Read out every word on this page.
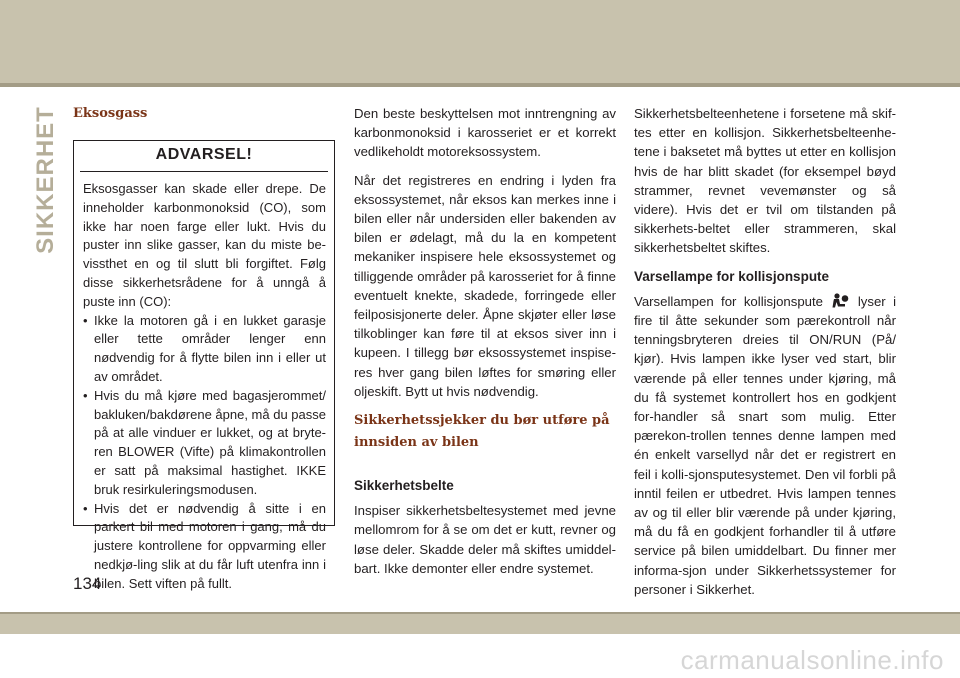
SIKKERHET Eksosgass
ADVARSEL!

Eksosgasser kan skade eller drepe. De inneholder karbonmonoksid (CO), som ikke har noen farge eller lukt. Hvis du puster inn slike gasser, kan du miste be-vissthet en og til slutt bli forgiftet. Følg disse sikkerhetsrådene for å unngå å puste inn (CO):

• Ikke la motoren gå i en lukket garasje eller tette områder lenger enn nødvendig for å flytte bilen inn i eller ut av området.
• Hvis du må kjøre med bagasjerommet/ bakluken/bakdørene åpne, må du passe på at alle vinduer er lukket, og at bryte-ren BLOWER (Vifte) på klimakontrollen er satt på maksimal hastighet. IKKE bruk resirkuleringsmodusen.
• Hvis det er nødvendig å sitte i en parkert bil med motoren i gang, må du justere kontrollene for oppvarming eller nedkjø-ling slik at du får luft utenfra inn i bilen. Sett viften på fullt.

Den beste beskyttelsen mot inntrengning av karbonmonoksid i karosseriet er et korrekt vedlikeholdt motoreksossystem.

Når det registreres en endring i lyden fra eksossystemet, når eksos kan merkes inne i bilen eller når undersiden eller bakenden av bilen er ødelagt, må du la en kompetent mekaniker inspisere hele eksossystemet og tilliggende områder på karosseriet for å finne eventuelt knekte, skadede, forringede eller feilposisjonerte deler. Åpne skjøter eller løse tilkoblinger kan føre til at eksos siver inn i kupeen. I tillegg bør eksossystemet inspise-res hver gang bilen løftes for smøring eller oljeskift. Bytt ut hvis nødvendig.

Sikkerhetssjekker du bør utføre på innsiden av bilen
Sikkerhetsbelte

Inspiser sikkerhetsbeltesystemet med jevne mellomrom for å se om det er kutt, revner og løse deler. Skadde deler må skiftes umiddel-bart. Ikke demonter eller endre systemet.

Sikkerhetsbelteenhetene i forsetene må skif-tes etter en kollisjon. Sikkerhetsbelteenhe-tene i baksetet må byttes ut etter en kollisjon hvis de har blitt skadet (for eksempel bøyd strammer, revnet vevemønster og så videre). Hvis det er tvil om tilstanden på sikkerhets-beltet eller strammeren, skal sikkerhetsbeltet skiftes.

Varsellampe for kollisjonspute

Varsellampen for kollisjonspute	lyser i fire til åtte sekunder som pærekontroll når tenningsbryteren dreies til ON/RUN (På/ kjør). Hvis lampen ikke lyser ved start, blir værende på eller tennes under kjøring, må du få systemet kontrollert hos en godkjent for-handler så snart som mulig. Etter pærekon-trollen tennes denne lampen med én enkelt varsellyd når det er registrert en feil i kolli-sjonsputesystemet. Den vil forbli på inntil feilen er utbedret. Hvis lampen tennes av og til eller blir værende på under kjøring, må du få en godkjent forhandler til å utføre service på bilen umiddelbart. Du finner mer informa-sjon under Sikkerhetssystemer for personer i Sikkerhet.

134
carmanualsonline.info
